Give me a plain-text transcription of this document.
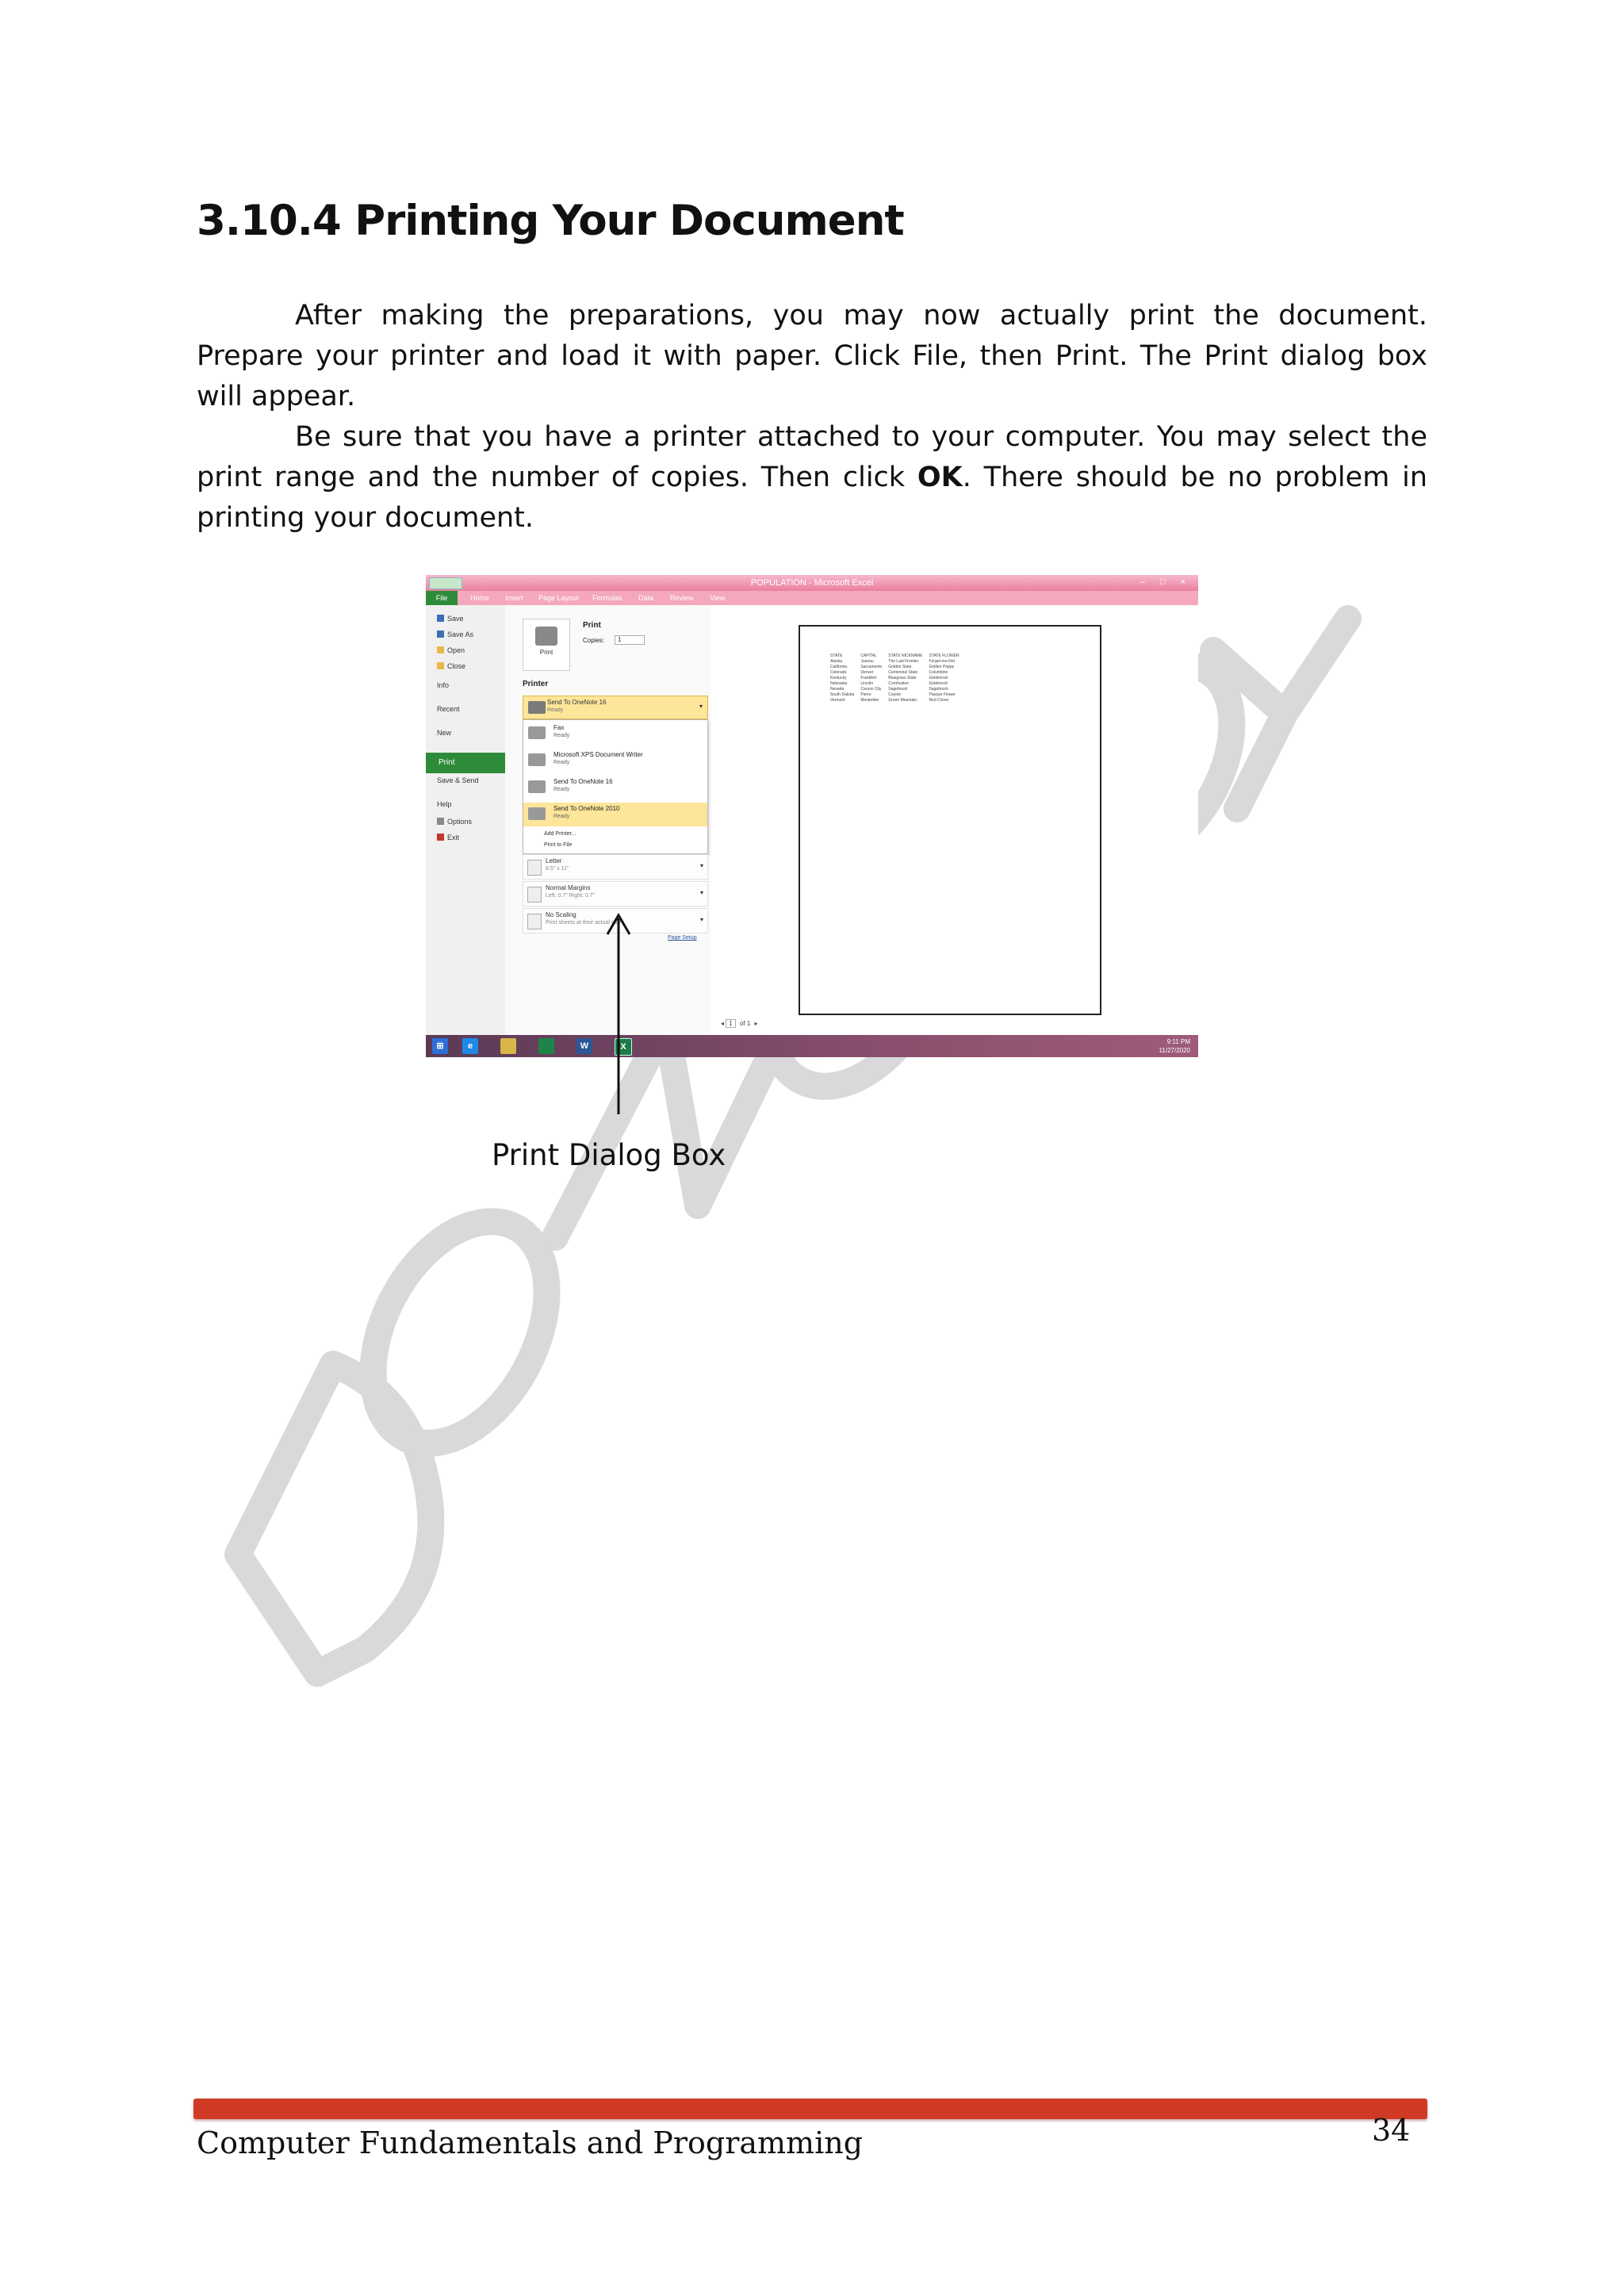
3.10.4 Printing Your Document

After making the preparations, you may now actually print the document. Prepare your printer and load it with paper. Click File, then Print. The Print dialog box will appear.

Be sure that you have a printer attached to your computer. You may select the print range and the number of copies. Then click OK. There should be no problem in printing your document.

POPULATION - Microsoft Excel	– □ ×
Home Insert Page Layout Formulas Data Review View
File
Save
Save As
Open
Close
Info
Recent
New
Print
Save & Send
Help
Options
Exit
Print
Print
Copies:	1
Printer
Send To OneNote 16
Ready
▾
Fax
Ready
Microsoft XPS Document Writer
Ready
Send To OneNote 16
Ready
Send To OneNote 2010
Ready
Add Printer...
Print to File
Letter
8.5" x 11"	▾
Normal Margins
Left: 0.7" Right: 0.7"	▾
No Scaling
Print sheets at their actual size	▾
Page Setup
STATE	CAPITAL	STATE NICKNAME	STATE FLOWER
Alaska	Juneau	The Last Frontier	Forget-me-Not
California	Sacramento	Golden State	Golden Poppy
Colorado	Denver	Centennial State	Columbine
Kentucky	Frankfort	Bluegrass State	Goldenrod
Nebraska	Lincoln	Cornhusker	Goldenrod
Nevada	Carson City	Sagebrush	Sagebrush
South Dakota	Pierre	Coyote	Pasque Flower
Vermont	Montpelier	Green Mountain	Red Clover
◂ 1 of 1 ▸
⊞	e	W	X
9:11 PM
11/27/2020
Print Dialog Box
Computer Fundamentals and Programming	34
